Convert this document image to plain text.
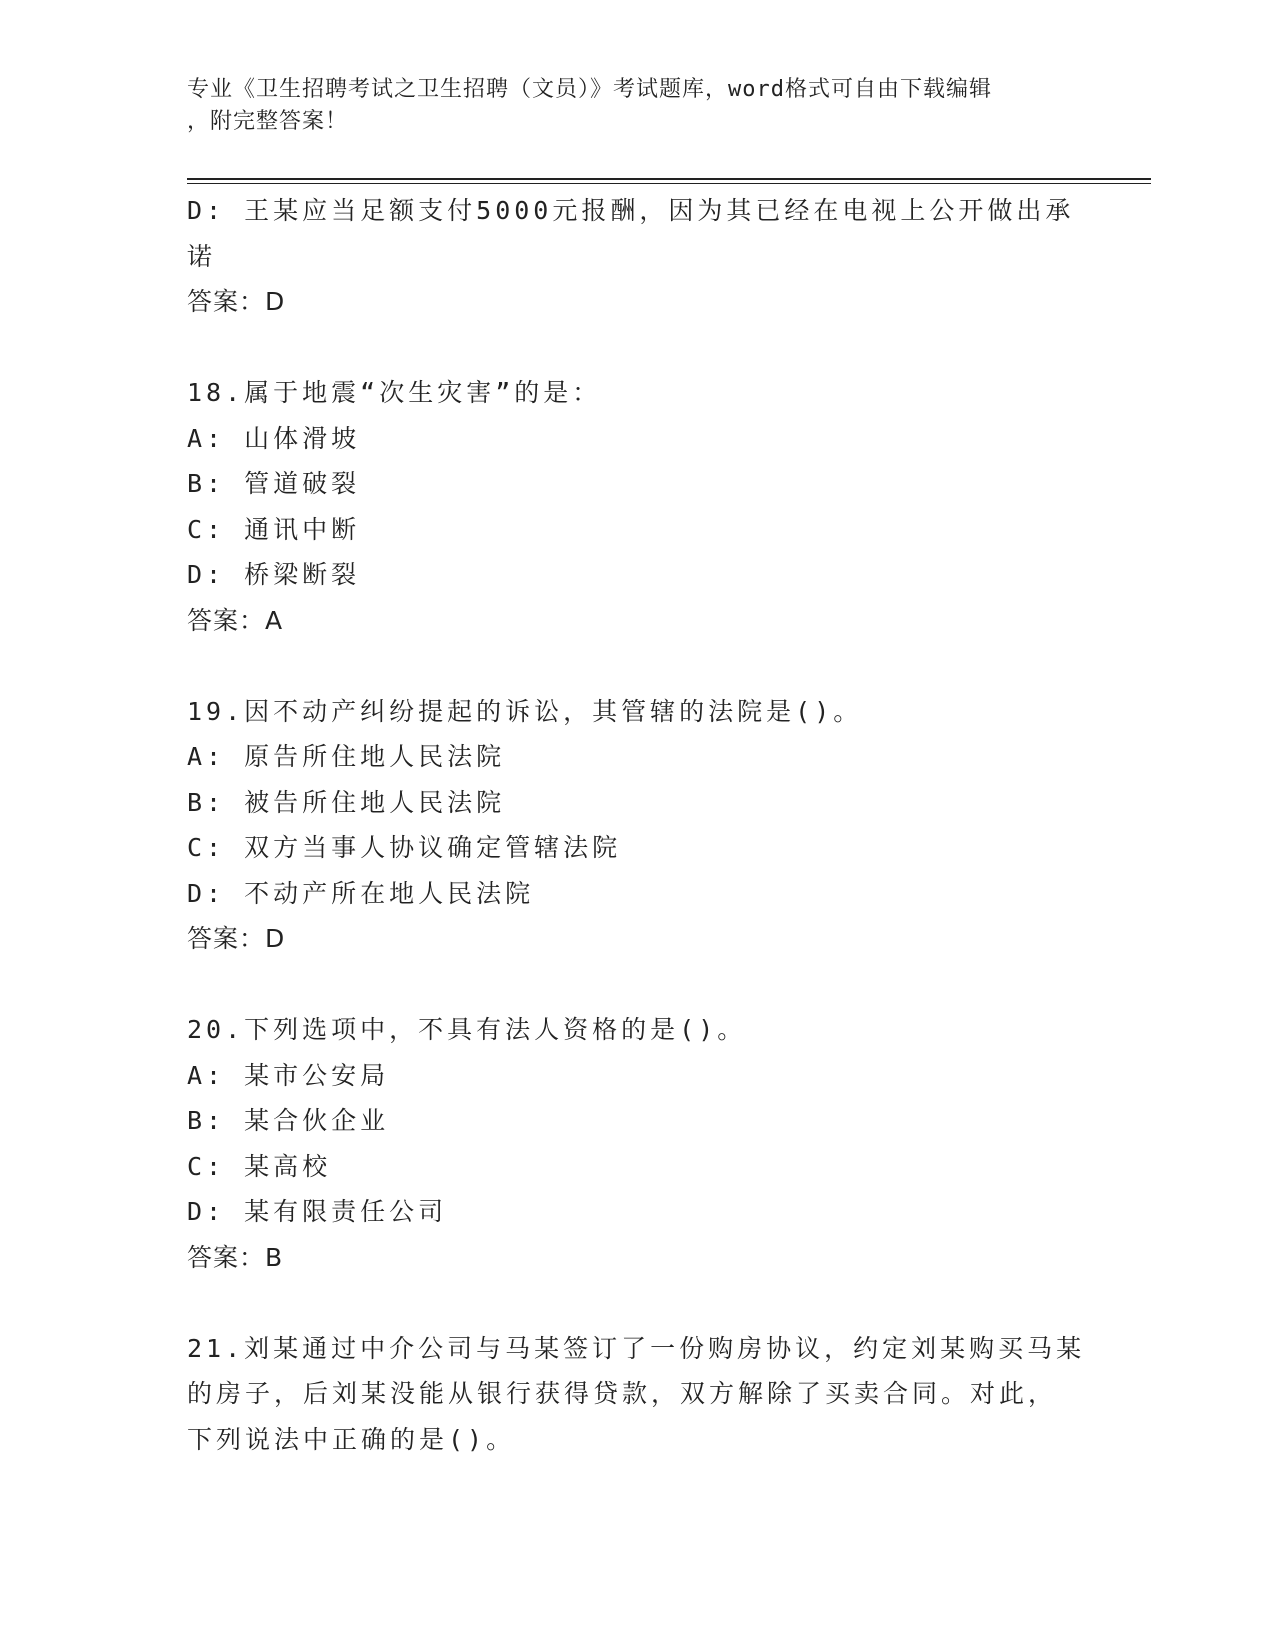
专业《卫生招聘考试之卫生招聘（文员）》考试题库，word格式可自由下载编辑
，附完整答案！
D: 王某应当足额支付5000元报酬，因为其已经在电视上公开做出承
诺
答案：D
18.属于地震“次生灾害”的是：
A: 山体滑坡
B: 管道破裂
C: 通讯中断
D: 桥梁断裂
答案：A
19.因不动产纠纷提起的诉讼，其管辖的法院是()。
A: 原告所住地人民法院
B: 被告所住地人民法院
C: 双方当事人协议确定管辖法院
D: 不动产所在地人民法院
答案：D
20.下列选项中，不具有法人资格的是()。
A: 某市公安局
B: 某合伙企业
C: 某高校
D: 某有限责任公司
答案：B
21.刘某通过中介公司与马某签订了一份购房协议，约定刘某购买马某
的房子，后刘某没能从银行获得贷款，双方解除了买卖合同。对此，
下列说法中正确的是()。
